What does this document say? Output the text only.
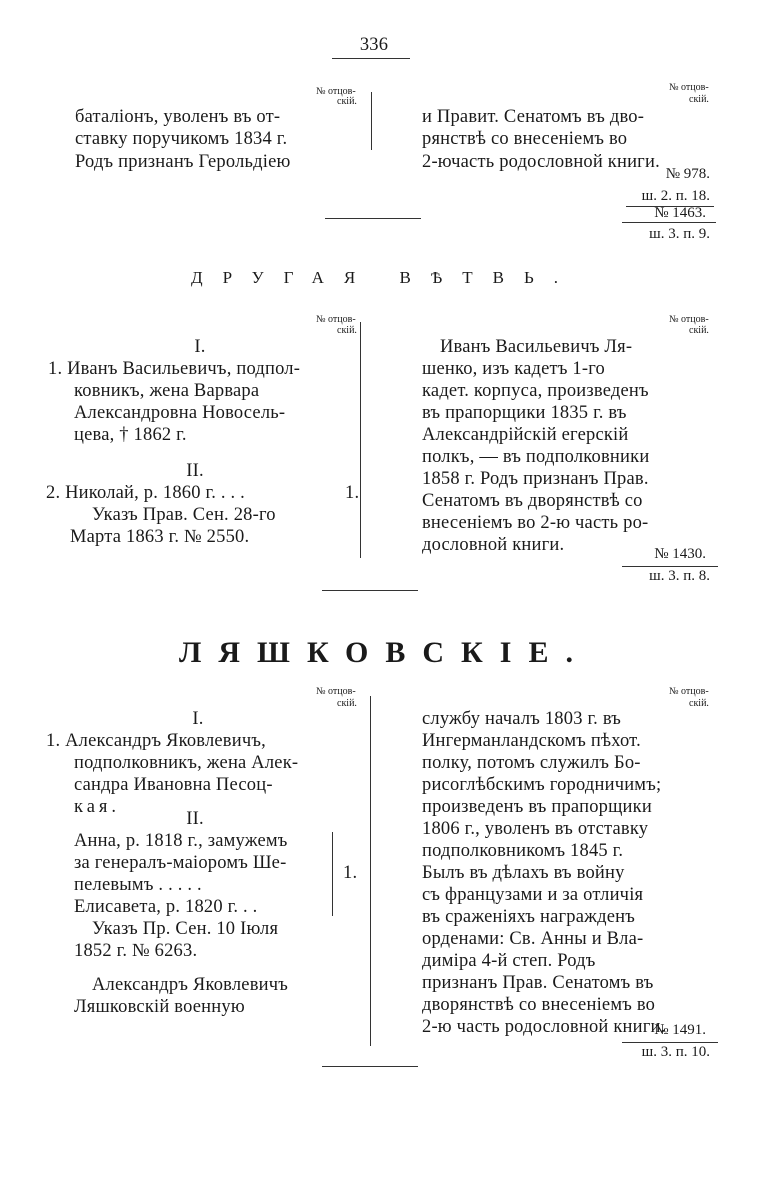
336
№ отцов-
скій.
№ отцов-
скій.
баталіонъ, уволенъ въ от-
ставку поручикомъ 1834 г.
Родъ признанъ Герольдіею
и Правит. Сенатомъ въ дво-
рянствѣ со внесеніемъ во
2-ючасть родословной книги.
№ 978.
ш. 2. п. 18.
№ 1463.
ш. 3. п. 9.
ДРУГАЯ ВѢТВЬ.
№ отцов-
скій.
№ отцов-
скій.
I.
1. Иванъ Васильевичъ, подпол-
ковникъ, жена Варвара
Александровна Новосель-
цева, † 1862 г.
II.
2. Николай, р. 1860 г. . . .	1.
Указъ Прав. Сен. 28-го
Марта 1863 г. № 2550.
Иванъ Васильевичъ Ля-
шенко, изъ кадетъ 1-го
кадет. корпуса, произведенъ
въ прапорщики 1835 г. въ
Александрійскій егерскій
полкъ, — въ подполковники
1858 г. Родъ признанъ Прав.
Сенатомъ въ дворянствѣ со
внесеніемъ во 2-ю часть ро-
дословной книги.	№ 1430.
ш. 3. п. 8.
ЛЯШКОВСКІЕ.
№ отцов-
скій.
№ отцов-
скій.
I.
1. Александръ Яковлевичъ,
подполковникъ, жена Алек-
сандра Ивановна Песоц-
кая.
II.
Анна, р. 1818 г., замужемъ
за генералъ-маіоромъ Ше-
пелевымъ . . . . .
Елисавета, р. 1820 г. . .
1.
Указъ Пр. Сен. 10 Іюля
1852 г. № 6263.
Александръ Яковлевичъ
Ляшковскій военную
службу началъ 1803 г. въ
Ингерманландскомъ пѣхот.
полку, потомъ служилъ Бо-
рисоглѣбскимъ городничимъ;
произведенъ въ прапорщики
1806 г., уволенъ въ отставку
подполковникомъ 1845 г.
Былъ въ дѣлахъ въ войну
съ французами и за отличія
въ сраженіяхъ награжденъ
орденами: Св. Анны и Вла-
диміра 4-й степ. Родъ
признанъ Прав. Сенатомъ въ
дворянствѣ со внесеніемъ во
2-ю часть родословной книги.
№ 1491.
ш. 3. п. 10.
